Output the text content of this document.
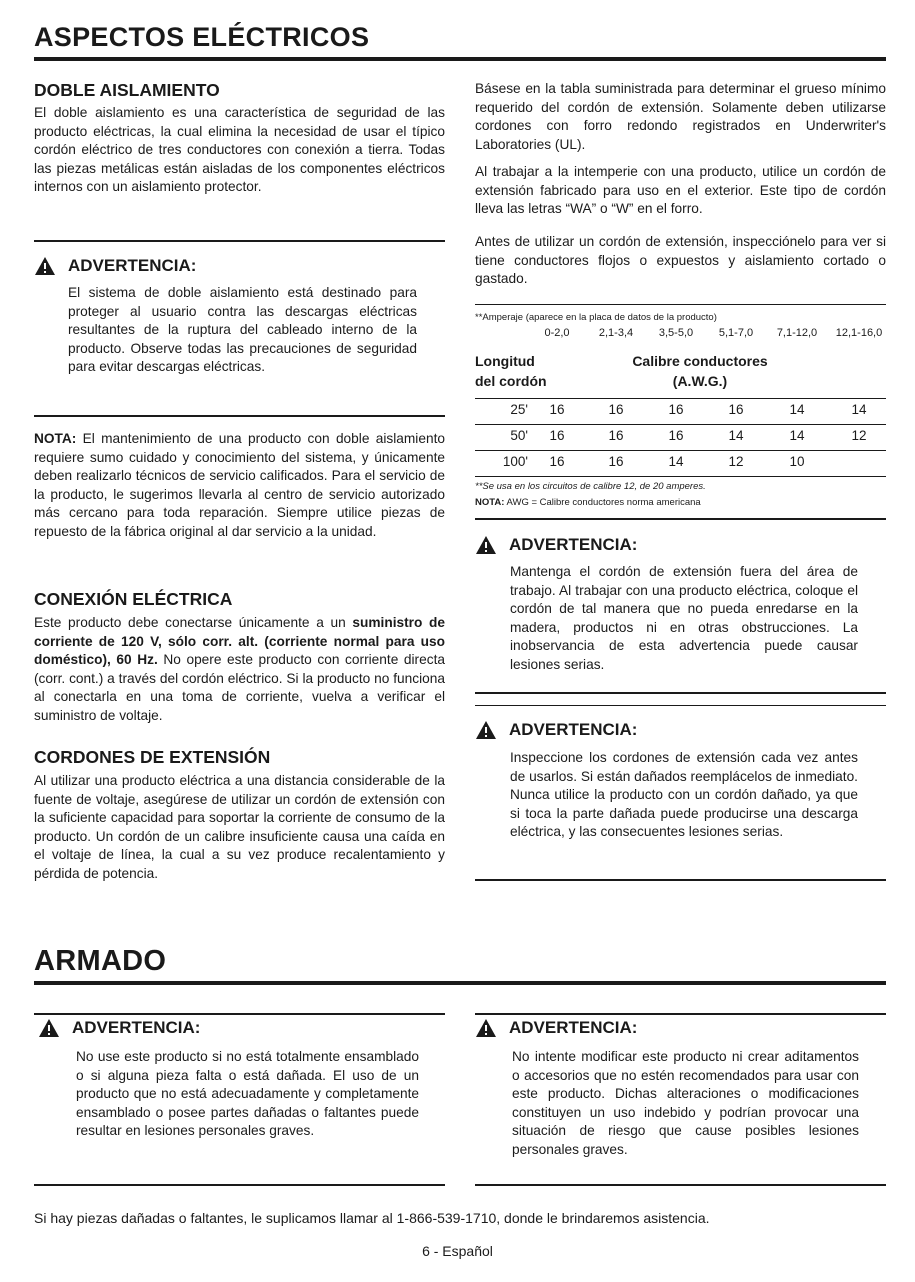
ASPECTOS ELÉCTRICOS
DOBLE AISLAMIENTO

El doble aislamiento es una característica de seguridad de las producto eléctricas, la cual elimina la necesidad de usar el típico cordón eléctrico de tres conductores con conexión a tierra. Todas las piezas metálicas están aisladas de los componentes eléctricos internos con un aislamiento protector.

ADVERTENCIA:

El sistema de doble aislamiento está destinado para proteger al usuario contra las descargas eléctricas resultantes de la ruptura del cableado interno de la producto. Observe todas las precauciones de seguridad para evitar descargas eléctricas.

NOTA: El mantenimiento de una producto con doble aislamiento requiere sumo cuidado y conocimiento del sistema, y únicamente deben realizarlo técnicos de servicio calificados. Para el servicio de la producto, le sugerimos llevarla al centro de servicio autorizado más cercano para toda reparación. Siempre utilice piezas de repuesto de la fábrica original al dar servicio a la unidad.

CONEXIÓN ELÉCTRICA

Este producto debe conectarse únicamente a un suministro de corriente de 120 V, sólo corr. alt. (corriente normal para uso doméstico), 60 Hz. No opere este producto con corriente directa (corr. cont.) a través del cordón eléctrico. Si la producto no funciona al conectarla en una toma de corriente, vuelva a verificar el suministro de voltaje.

CORDONES DE EXTENSIÓN

Al utilizar una producto eléctrica a una distancia considerable de la fuente de voltaje, asegúrese de utilizar un cordón de extensión con la suficiente capacidad para soportar la corriente de consumo de la producto. Un cordón de un calibre insuficiente causa una caída en el voltaje de línea, la cual a su vez produce recalentamiento y pérdida de potencia.

Básese en la tabla suministrada para determinar el grueso mínimo requerido del cordón de extensión. Solamente deben utilizarse cordones con forro redondo registrados en Underwriter's Laboratories (UL).

Al trabajar a la intemperie con una producto, utilice un cordón de extensión fabricado para uso en el exterior. Este tipo de cordón lleva las letras “WA” o “W” en el forro.

Antes de utilizar un cordón de extensión, inspecciónelo para ver si tiene conductores flojos o expuestos y aislamiento cortado o gastado.

**Amperaje (aparece en la placa de datos de la producto)
0-2,0	2,1-3,4	3,5-5,0	5,1-7,0	7,1-12,0	12,1-16,0
Longitud
del cordón
Calibre conductores
(A.W.G.)
25'	16	16	16	16	14	14
50'	16	16	16	14	14	12
100'	16	16	14	12	10
**Se usa en los circuitos de calibre 12, de 20 amperes.
NOTA: AWG = Calibre conductores norma americana
ADVERTENCIA:

Mantenga el cordón de extensión fuera del área de trabajo. Al trabajar con una producto eléctrica, coloque el cordón de tal manera que no pueda enredarse en la madera, productos ni en otras obstrucciones. La inobservancia de esta advertencia puede causar lesiones serias.

ADVERTENCIA:

Inspeccione los cordones de extensión cada vez antes de usarlos. Si están dañados reemplácelos de inmediato. Nunca utilice la producto con un cordón dañado, ya que si toca la parte dañada puede producirse una descarga eléctrica, y las consecuentes lesiones serias.

ARMADO
ADVERTENCIA:

No use este producto si no está totalmente ensamblado o si alguna pieza falta o está dañada. El uso de un producto que no está adecuadamente y completamente ensamblado o posee partes dañadas o faltantes puede resultar en lesiones personales graves.

ADVERTENCIA:

No intente modificar este producto ni crear aditamentos o accesorios que no estén recomendados para usar con este producto. Dichas alteraciones o modificaciones constituyen un uso indebido y podrían provocar una situación de riesgo que cause posibles lesiones personales graves.

Si hay piezas dañadas o faltantes, le suplicamos llamar al 1-866-539-1710, donde le brindaremos asistencia.
6 - Español
